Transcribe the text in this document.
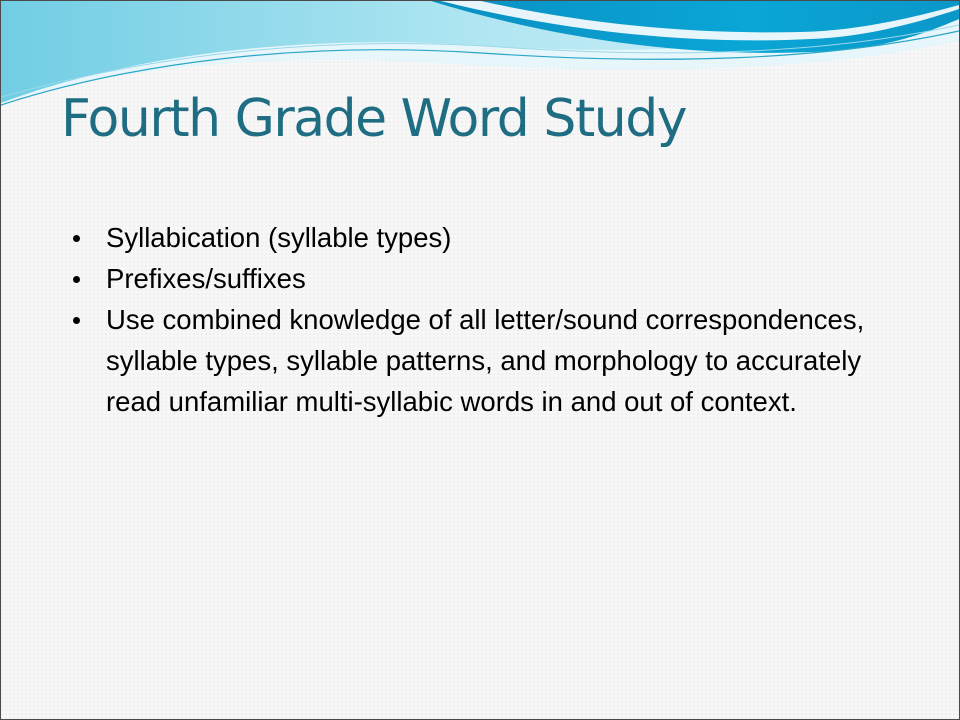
Fourth Grade Word Study
Syllabication (syllable types)
Prefixes/suffixes
Use combined knowledge of all letter/sound correspondences, syllable types, syllable patterns, and morphology to accurately read unfamiliar multi-syllabic words in and out of context.
